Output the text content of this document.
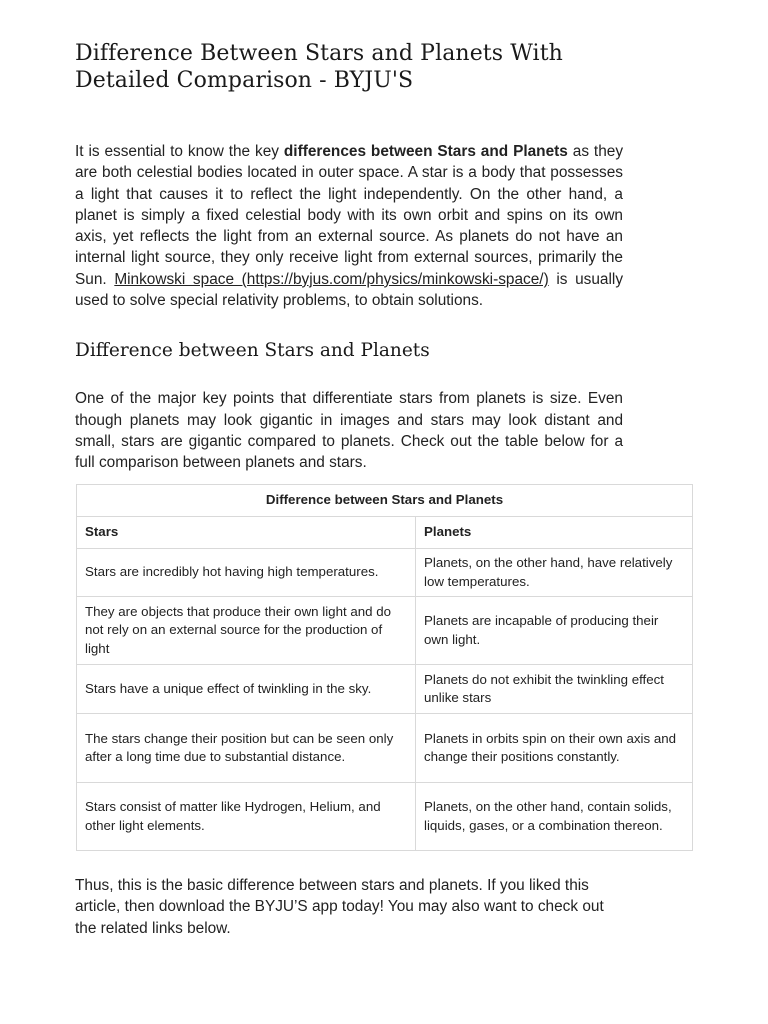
Difference Between Stars and Planets With Detailed Comparison - BYJU'S

It is essential to know the key differences between Stars and Planets as they are both celestial bodies located in outer space. A star is a body that possesses a light that causes it to reflect the light independently. On the other hand, a planet is simply a fixed celestial body with its own orbit and spins on its own axis, yet reflects the light from an external source. As planets do not have an internal light source, they only receive light from external sources, primarily the Sun. Minkowski space (https://byjus.com/physics/minkowski-space/) is usually used to solve special relativity problems, to obtain solutions.

Difference between Stars and Planets

One of the major key points that differentiate stars from planets is size. Even though planets may look gigantic in images and stars may look distant and small, stars are gigantic compared to planets. Check out the table below for a full comparison between planets and stars.

Difference between Stars and Planets	
Stars	Planets
Stars are incredibly hot having high temperatures.	Planets, on the other hand, have relatively low temperatures.
They are objects that produce their own light and do not rely on an external source for the production of light	Planets are incapable of producing their own light.
Stars have a unique effect of twinkling in the sky.	Planets do not exhibit the twinkling effect unlike stars
The stars change their position but can be seen only after a long time due to substantial distance.	Planets in orbits spin on their own axis and change their positions constantly.
Stars consist of matter like Hydrogen, Helium, and other light elements.	Planets, on the other hand, contain solids, liquids, gases, or a combination thereon.

Thus, this is the basic difference between stars and planets. If you liked this article, then download the BYJU’S app today! You may also want to check out the related links below.
